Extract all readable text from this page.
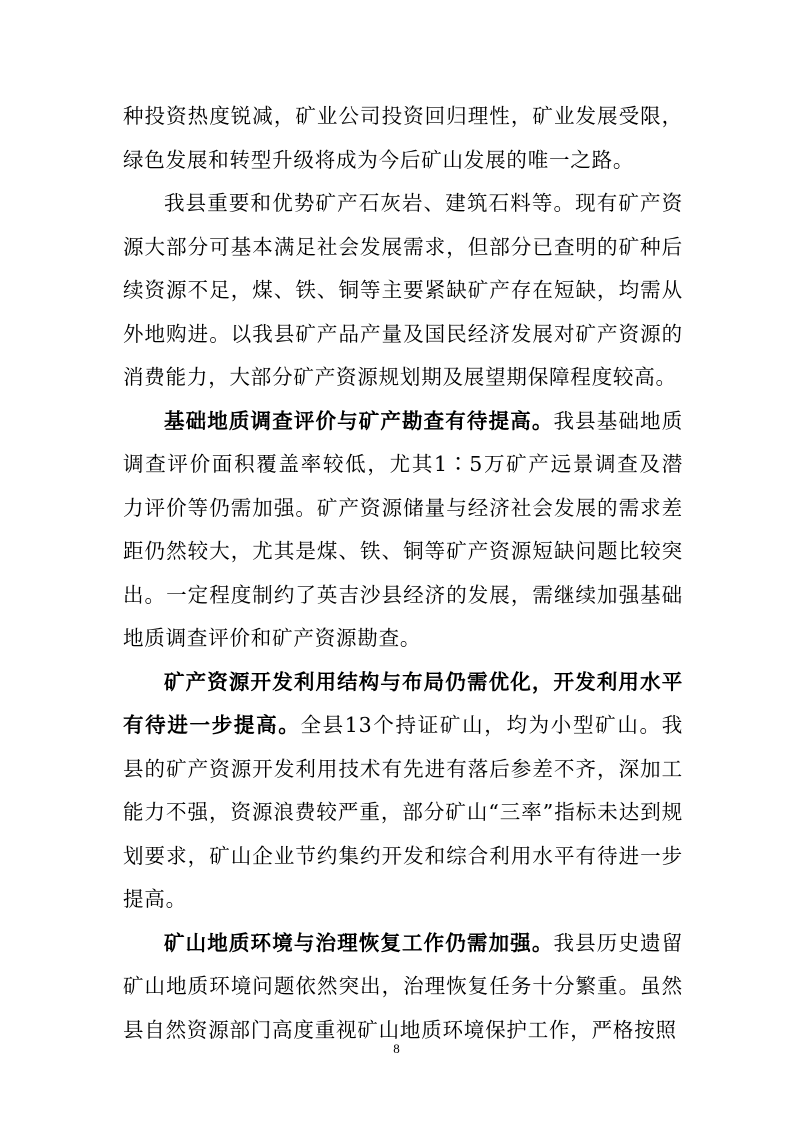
种投资热度锐减，矿业公司投资回归理性，矿业发展受限，绿色发展和转型升级将成为今后矿山发展的唯一之路。

我县重要和优势矿产石灰岩、建筑石料等。现有矿产资源大部分可基本满足社会发展需求，但部分已查明的矿种后续资源不足，煤、铁、铜等主要紧缺矿产存在短缺，均需从外地购进。以我县矿产品产量及国民经济发展对矿产资源的消费能力，大部分矿产资源规划期及展望期保障程度较高。

基础地质调查评价与矿产勘查有待提高。我县基础地质调查评价面积覆盖率较低，尤其1∶5万矿产远景调查及潜力评价等仍需加强。矿产资源储量与经济社会发展的需求差距仍然较大，尤其是煤、铁、铜等矿产资源短缺问题比较突出。一定程度制约了英吉沙县经济的发展，需继续加强基础地质调查评价和矿产资源勘查。

矿产资源开发利用结构与布局仍需优化，开发利用水平有待进一步提高。全县13个持证矿山，均为小型矿山。我县的矿产资源开发利用技术有先进有落后参差不齐，深加工能力不强，资源浪费较严重，部分矿山“三率”指标未达到规划要求，矿山企业节约集约开发和综合利用水平有待进一步提高。

矿山地质环境与治理恢复工作仍需加强。我县历史遗留矿山地质环境问题依然突出，治理恢复任务十分繁重。虽然县自然资源部门高度重视矿山地质环境保护工作，严格按照

8
